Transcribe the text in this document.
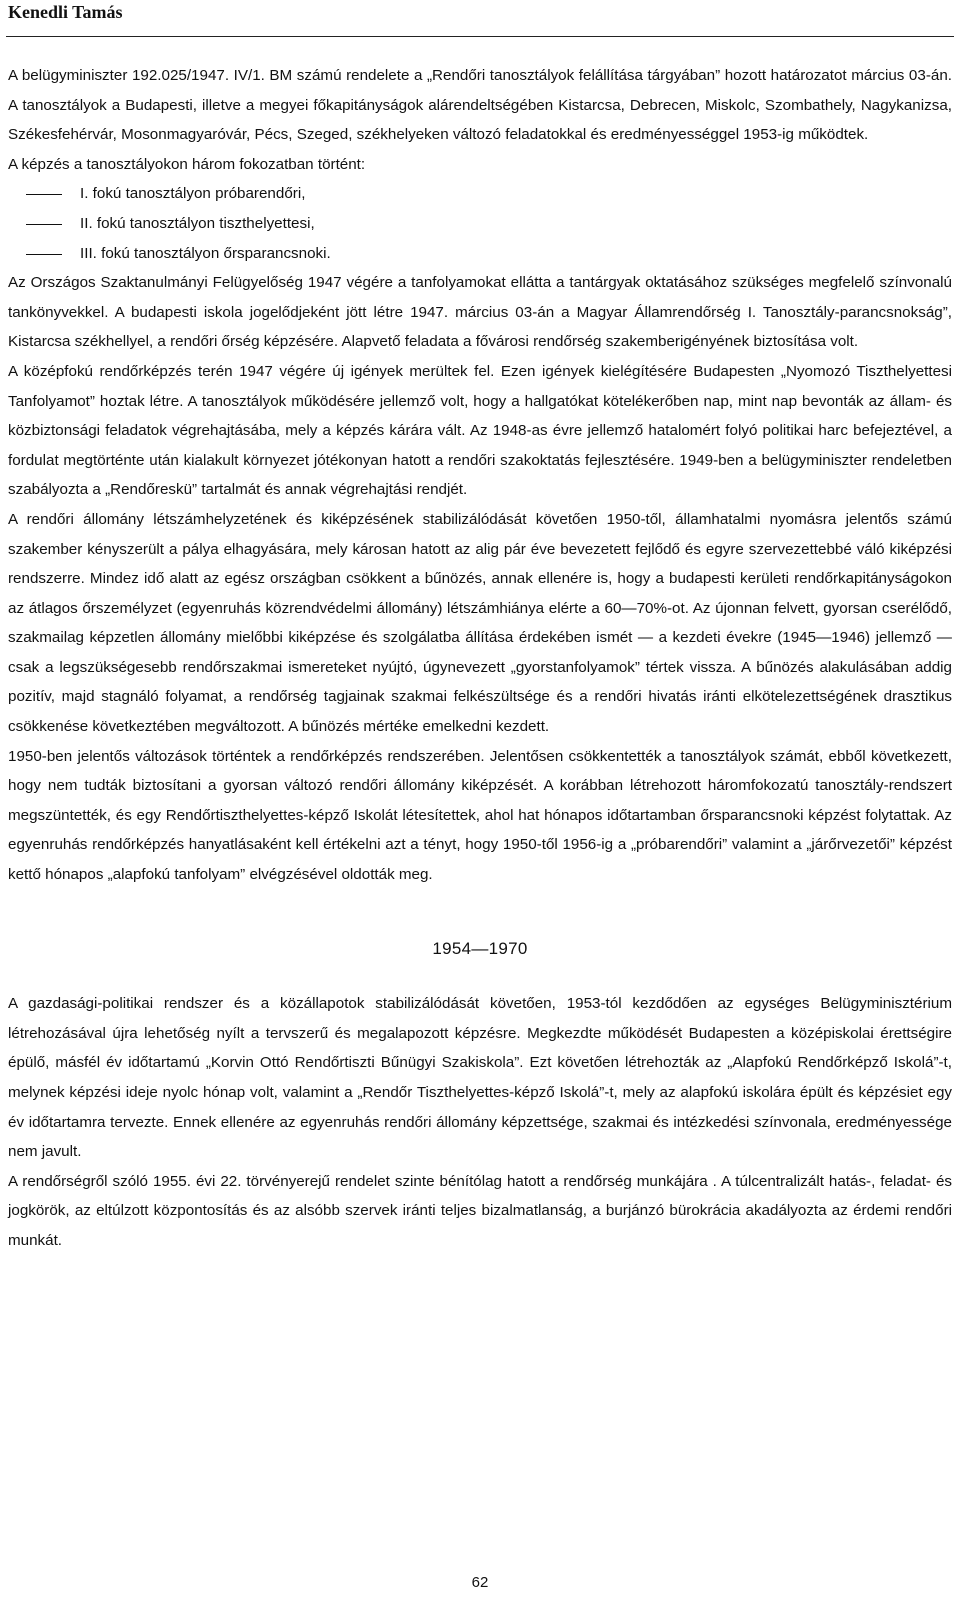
Kenedli Tamás

A belügyminiszter 192.025/1947. IV/1. BM számú rendelete a „Rendőri tanosztályok felállítása tárgyában” hozott határozatot március 03-án. A tanosztályok a Budapesti, illetve a megyei főkapitányságok alárendeltségében Kistarcsa, Debrecen, Miskolc, Szombathely, Nagykanizsa, Székesfehérvár, Mosonmagyaróvár, Pécs, Szeged, székhelyeken változó feladatokkal és eredményességgel 1953-ig működtek.

A képzés a tanosztályokon három fokozatban történt:

I. fokú tanosztályon próbarendőri,
II. fokú tanosztályon tiszthelyettesi,
III. fokú tanosztályon őrsparancsnoki.

Az Országos Szaktanulmányi Felügyelőség 1947 végére a tanfolyamokat ellátta a tantárgyak oktatásához szükséges megfelelő színvonalú tankönyvekkel. A budapesti iskola jogelődjeként jött létre 1947. március 03-án a Magyar Államrendőrség I. Tanosztály-parancsnokság”, Kistarcsa székhellyel, a rendőri őrség képzésére. Alapvető feladata a fővárosi rendőrség szakemberigényének biztosítása volt.

A középfokú rendőrképzés terén 1947 végére új igények merültek fel. Ezen igények kielégítésére Budapesten „Nyomozó Tiszthelyettesi Tanfolyamot” hoztak létre. A tanosztályok működésére jellemző volt, hogy a hallgatókat kötelékerőben nap, mint nap bevonták az állam- és közbiztonsági feladatok végrehajtásába, mely a képzés kárára vált. Az 1948-as évre jellemző hatalomért folyó politikai harc befejeztével, a fordulat megtörténte után kialakult környezet jótékonyan hatott a rendőri szakoktatás fejlesztésére. 1949-ben a belügyminiszter rendeletben szabályozta a „Rendőreskü” tartalmát és annak végrehajtási rendjét.

A rendőri állomány létszámhelyzetének és kiképzésének stabilizálódását követően 1950-től, államhatalmi nyomásra jelentős számú szakember kényszerült a pálya elhagyására, mely károsan hatott az alig pár éve bevezetett fejlődő és egyre szervezettebbé váló kiképzési rendszerre. Mindez idő alatt az egész országban csökkent a bűnözés, annak ellenére is, hogy a budapesti kerületi rendőrkapitányságokon az átlagos őrszemélyzet (egyenruhás közrendvédelmi állomány) létszámhiánya elérte a 60—70%-ot. Az újonnan felvett, gyorsan cserélődő, szakmailag képzetlen állomány mielőbbi kiképzése és szolgálatba állítása érdekében ismét — a kezdeti évekre (1945—1946) jellemző — csak a legszükségesebb rendőrszakmai ismereteket nyújtó, úgynevezett „gyorstanfolyamok” tértek vissza. A bűnözés alakulásában addig pozitív, majd stagnáló folyamat, a rendőrség tagjainak szakmai felkészültsége és a rendőri hivatás iránti elkötelezettségének drasztikus csökkenése következtében megváltozott. A bűnözés mértéke emelkedni kezdett.

1950-ben jelentős változások történtek a rendőrképzés rendszerében. Jelentősen csökkentették a tanosztályok számát, ebből következett, hogy nem tudták biztosítani a gyorsan változó rendőri állomány kiképzését. A korábban létrehozott háromfokozatú tanosztály-rendszert megszüntették, és egy Rendőrtiszthelyettes-képző Iskolát létesítettek, ahol hat hónapos időtartamban őrsparancsnoki képzést folytattak. Az egyenruhás rendőrképzés hanyatlásaként kell értékelni azt a tényt, hogy 1950-től 1956-ig a „próbarendőri” valamint a „járőrvezetői” képzést kettő hónapos „alapfokú tanfolyam” elvégzésével oldották meg.

1954—1970

A gazdasági-politikai rendszer és a közállapotok stabilizálódását követően, 1953-tól kezdődően az egységes Belügyminisztérium létrehozásával újra lehetőség nyílt a tervszerű és megalapozott képzésre. Megkezdte működését Budapesten a középiskolai érettségire épülő, másfél év időtartamú „Korvin Ottó Rendőrtiszti Bűnügyi Szakiskola”. Ezt követően létrehozták az „Alapfokú Rendőrképző Iskolá”-t, melynek képzési ideje nyolc hónap volt, valamint a „Rendőr Tiszthelyettes-képző Iskolá”-t, mely az alapfokú iskolára épült és képzésiet egy év időtartamra tervezte. Ennek ellenére az egyenruhás rendőri állomány képzettsége, szakmai és intézkedési színvonala, eredményessége nem javult.

A rendőrségről szóló 1955. évi 22. törvényerejű rendelet szinte bénítólag hatott a rendőrség munkájára . A túlcentralizált hatás-, feladat- és jogkörök, az eltúlzott központosítás és az alsóbb szervek iránti teljes bizalmatlanság, a burjánzó bürokrácia akadályozta az érdemi rendőri munkát.

62
